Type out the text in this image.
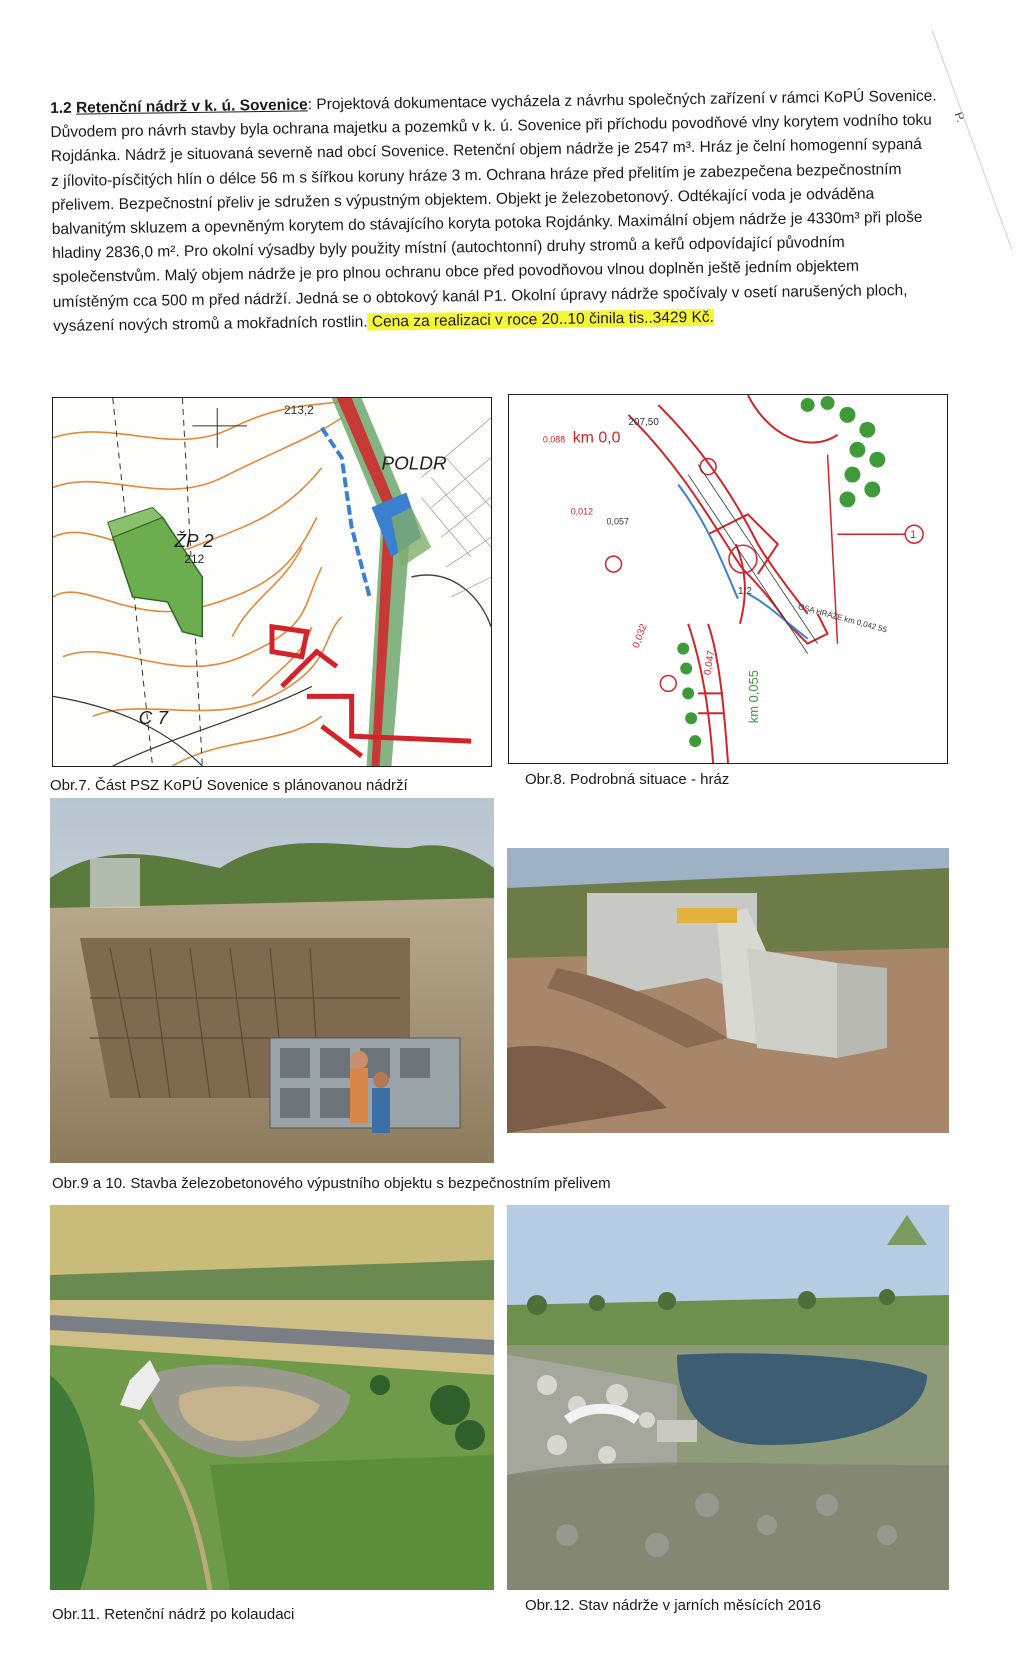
P.
1.2 Retenční nádrž v k. ú. Sovenice: Projektová dokumentace vycházela z návrhu společných zařízení v rámci KoPÚ Sovenice.
Důvodem pro návrh stavby byla ochrana majetku a pozemků v k. ú. Sovenice při příchodu povodňové vlny korytem vodního toku
Rojdánka. Nádrž je situovaná severně nad obcí Sovenice. Retenční objem nádrže je 2547 m³. Hráz je čelní homogenní sypaná
z jílovito-písčitých hlín o délce 56 m s šířkou koruny hráze 3 m. Ochrana hráze před přelitím je zabezpečena bezpečnostním
přelivem. Bezpečnostní přeliv je sdružen s výpustným objektem. Objekt je železobetonový. Odtékající voda je odváděna
balvanitým skluzem a opevněným korytem do stávajícího koryta potoka Rojdánky. Maximální objem nádrže je 4330m³ při ploše
hladiny 2836,0 m². Pro okolní výsadby byly použity místní (autochtonní) druhy stromů a keřů odpovídající původním
společenstvům. Malý objem nádrže je pro plnou ochranu obce před povodňovou vlnou doplněn ještě jedním objektem
umístěným cca 500 m před nádrží. Jedná se o obtokový kanál P1. Okolní úpravy nádrže spočívaly v osetí narušených ploch,
vysázení nových stromů a mokřadních rostlin. Cena za realizaci v roce 20..10 činila tis..3429 Kč.
213,2
POLDR
ŽP 2
212
C 7
km 0,0
207,50
0,088
0,012
0,057
0,032
0,047
km 0,055
OSA HRÁZE km 0,042 55
1:2
1
Obr.7. Část PSZ KoPÚ Sovenice s plánovanou nádrží	Obr.8. Podrobná situace - hráz
Obr.9 a 10. Stavba železobetonového výpustního objektu s bezpečnostním přelivem
Obr.11. Retenční nádrž po kolaudaci
Obr.12. Stav nádrže v jarních měsících 2016
